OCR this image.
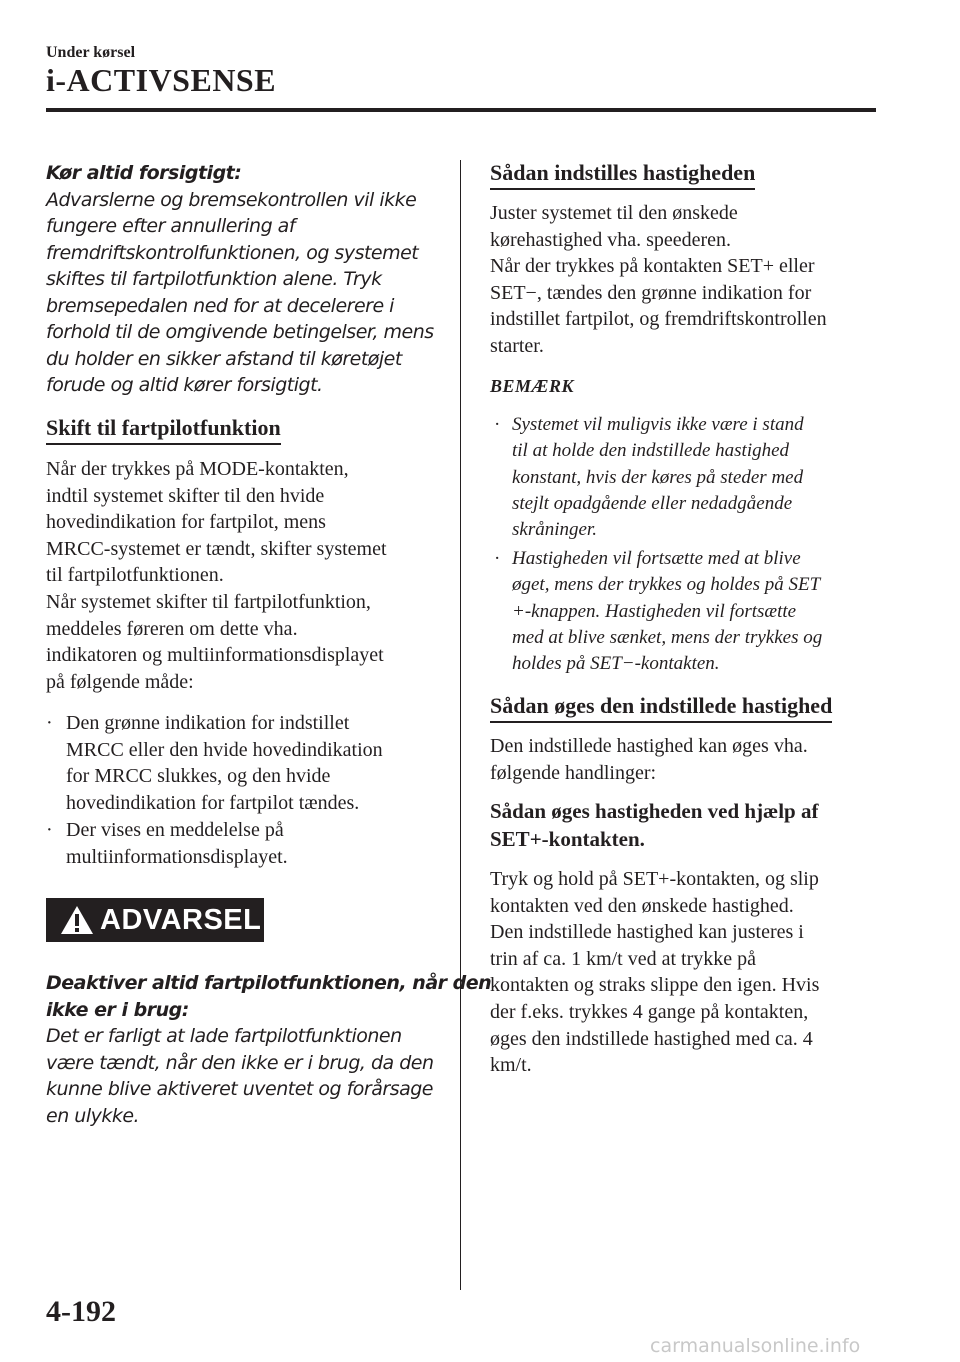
Under kørsel
i-ACTIVSENSE
Kør altid forsigtigt:
Advarslerne og bremsekontrollen vil ikke
fungere efter annullering af
fremdriftskontrolfunktionen, og systemet
skiftes til fartpilotfunktion alene. Tryk
bremsepedalen ned for at decelerere i
forhold til de omgivende betingelser, mens
du holder en sikker afstand til køretøjet
forude og altid kører forsigtigt.
Skift til fartpilotfunktion
Når der trykkes på MODE-kontakten,
indtil systemet skifter til den hvide
hovedindikation for fartpilot, mens
MRCC-systemet er tændt, skifter systemet
til fartpilotfunktionen.
Når systemet skifter til fartpilotfunktion,
meddeles føreren om dette vha.
indikatoren og multiinformationsdisplayet
på følgende måde:
· Den grønne indikation for indstillet
MRCC eller den hvide hovedindikation
for MRCC slukkes, og den hvide
hovedindikation for fartpilot tændes.
· Der vises en meddelelse på
multiinformationsdisplayet.
ADVARSEL
Deaktiver altid fartpilotfunktionen, når den
ikke er i brug:
Det er farligt at lade fartpilotfunktionen
være tændt, når den ikke er i brug, da den
kunne blive aktiveret uventet og forårsage
en ulykke.
Sådan indstilles hastigheden
Juster systemet til den ønskede
kørehastighed vha. speederen.
Når der trykkes på kontakten SET+ eller
SET−, tændes den grønne indikation for
indstillet fartpilot, og fremdriftskontrollen
starter.
BEMÆRK
· Systemet vil muligvis ikke være i stand
til at holde den indstillede hastighed
konstant, hvis der køres på steder med
stejlt opadgående eller nedadgående
skråninger.
· Hastigheden vil fortsætte med at blive
øget, mens der trykkes og holdes på SET
+-knappen. Hastigheden vil fortsætte
med at blive sænket, mens der trykkes og
holdes på SET−-kontakten.
Sådan øges den indstillede hastighed
Den indstillede hastighed kan øges vha.
følgende handlinger:
Sådan øges hastigheden ved hjælp af
SET+-kontakten.
Tryk og hold på SET+-kontakten, og slip
kontakten ved den ønskede hastighed.
Den indstillede hastighed kan justeres i
trin af ca. 1 km/t ved at trykke på
kontakten og straks slippe den igen. Hvis
der f.eks. trykkes 4 gange på kontakten,
øges den indstillede hastighed med ca. 4
km/t.
4-192
carmanualsonline.info
